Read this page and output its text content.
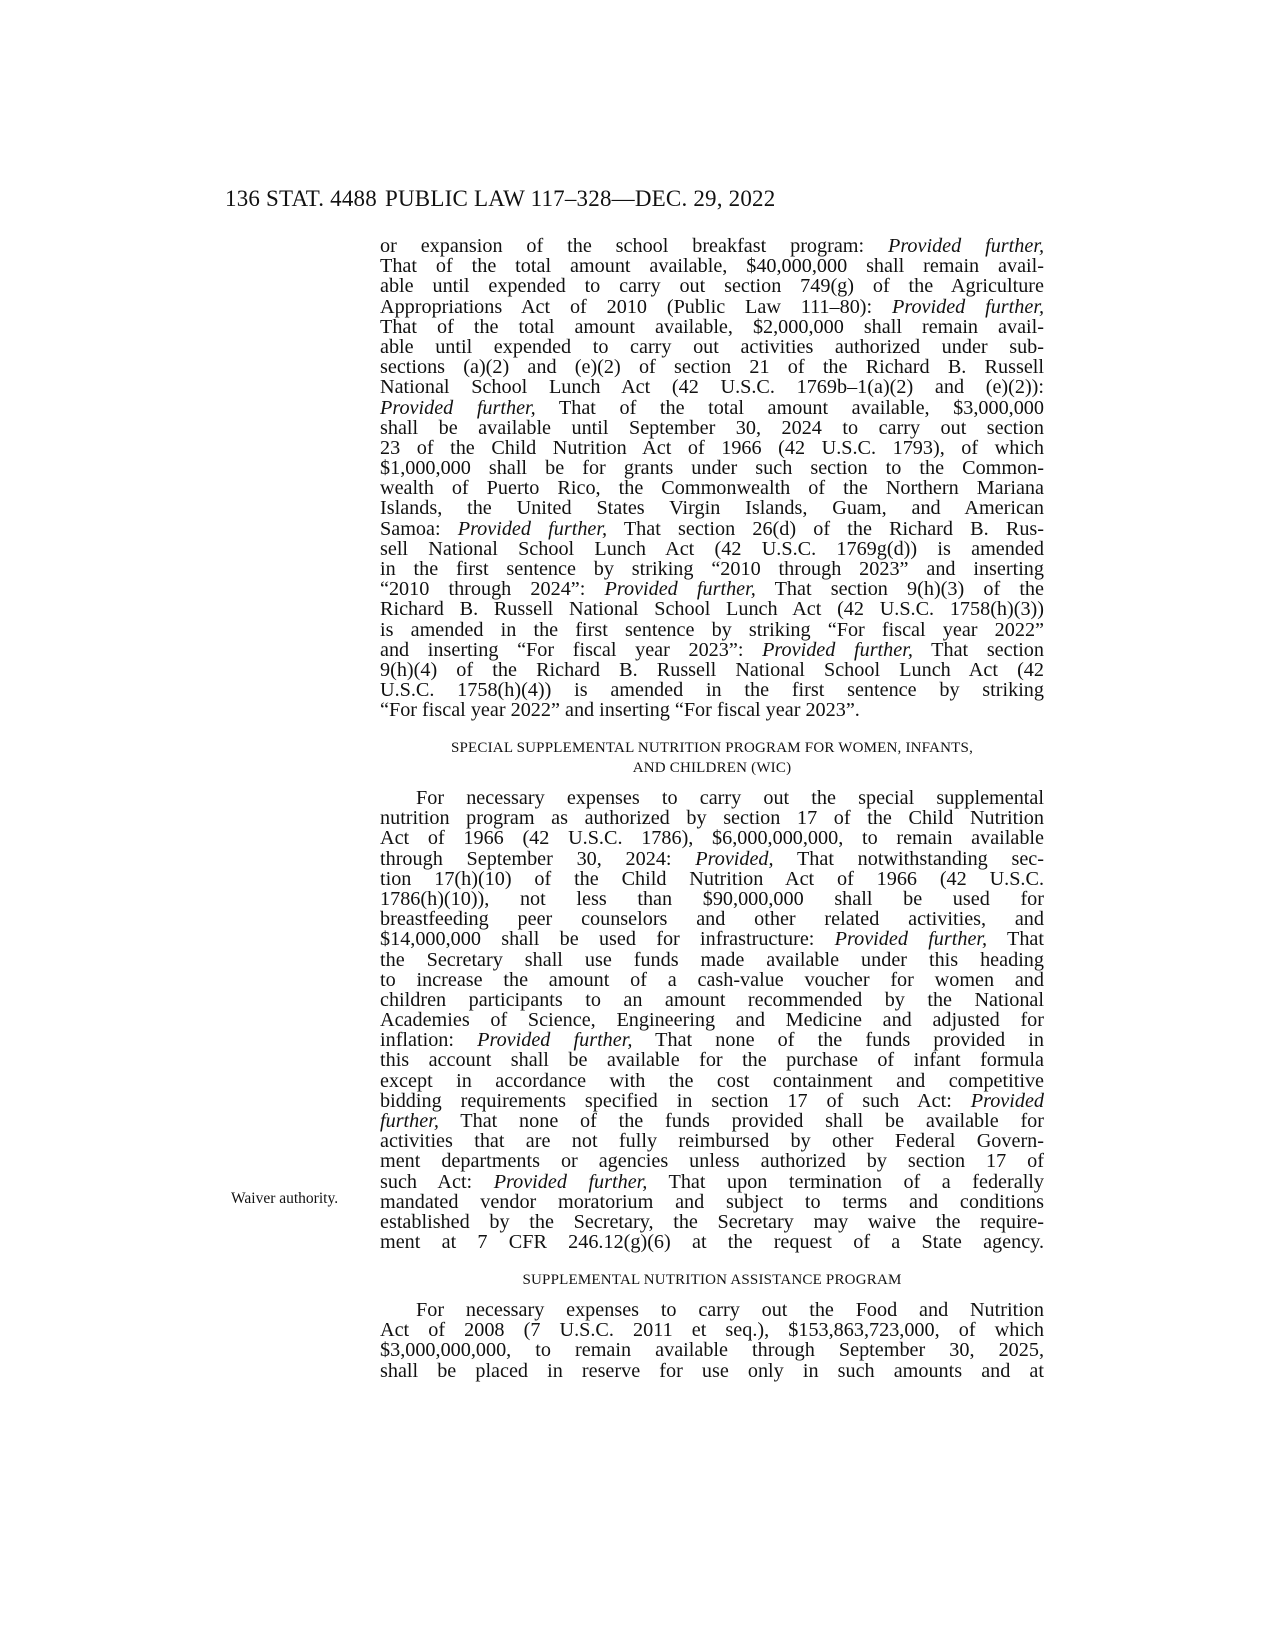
136 STAT. 4488 PUBLIC LAW 117–328—DEC. 29, 2022
or expansion of the school breakfast program: Provided further,
That of the total amount available, $40,000,000 shall remain avail-
able until expended to carry out section 749(g) of the Agriculture
Appropriations Act of 2010 (Public Law 111–80): Provided further,
That of the total amount available, $2,000,000 shall remain avail-
able until expended to carry out activities authorized under sub-
sections (a)(2) and (e)(2) of section 21 of the Richard B. Russell
National School Lunch Act (42 U.S.C. 1769b–1(a)(2) and (e)(2)):
Provided further, That of the total amount available, $3,000,000
shall be available until September 30, 2024 to carry out section
23 of the Child Nutrition Act of 1966 (42 U.S.C. 1793), of which
$1,000,000 shall be for grants under such section to the Common-
wealth of Puerto Rico, the Commonwealth of the Northern Mariana
Islands, the United States Virgin Islands, Guam, and American
Samoa: Provided further, That section 26(d) of the Richard B. Rus-
sell National School Lunch Act (42 U.S.C. 1769g(d)) is amended
in the first sentence by striking “2010 through 2023” and inserting
“2010 through 2024”: Provided further, That section 9(h)(3) of the
Richard B. Russell National School Lunch Act (42 U.S.C. 1758(h)(3))
is amended in the first sentence by striking “For fiscal year 2022”
and inserting “For fiscal year 2023”: Provided further, That section
9(h)(4) of the Richard B. Russell National School Lunch Act (42
U.S.C. 1758(h)(4)) is amended in the first sentence by striking
“For fiscal year 2022” and inserting “For fiscal year 2023”.
SPECIAL SUPPLEMENTAL NUTRITION PROGRAM FOR WOMEN, INFANTS,
AND CHILDREN (WIC)
For necessary expenses to carry out the special supplemental
nutrition program as authorized by section 17 of the Child Nutrition
Act of 1966 (42 U.S.C. 1786), $6,000,000,000, to remain available
through September 30, 2024: Provided, That notwithstanding sec-
tion 17(h)(10) of the Child Nutrition Act of 1966 (42 U.S.C.
1786(h)(10)), not less than $90,000,000 shall be used for
breastfeeding peer counselors and other related activities, and
$14,000,000 shall be used for infrastructure: Provided further, That
the Secretary shall use funds made available under this heading
to increase the amount of a cash-value voucher for women and
children participants to an amount recommended by the National
Academies of Science, Engineering and Medicine and adjusted for
inflation: Provided further, That none of the funds provided in
this account shall be available for the purchase of infant formula
except in accordance with the cost containment and competitive
bidding requirements specified in section 17 of such Act: Provided
further, That none of the funds provided shall be available for
activities that are not fully reimbursed by other Federal Govern-
ment departments or agencies unless authorized by section 17 of
such Act: Provided further, That upon termination of a federally
mandated vendor moratorium and subject to terms and conditions
established by the Secretary, the Secretary may waive the require-
ment at 7 CFR 246.12(g)(6) at the request of a State agency.
Waiver authority.
SUPPLEMENTAL NUTRITION ASSISTANCE PROGRAM
For necessary expenses to carry out the Food and Nutrition
Act of 2008 (7 U.S.C. 2011 et seq.), $153,863,723,000, of which
$3,000,000,000, to remain available through September 30, 2025,
shall be placed in reserve for use only in such amounts and at
